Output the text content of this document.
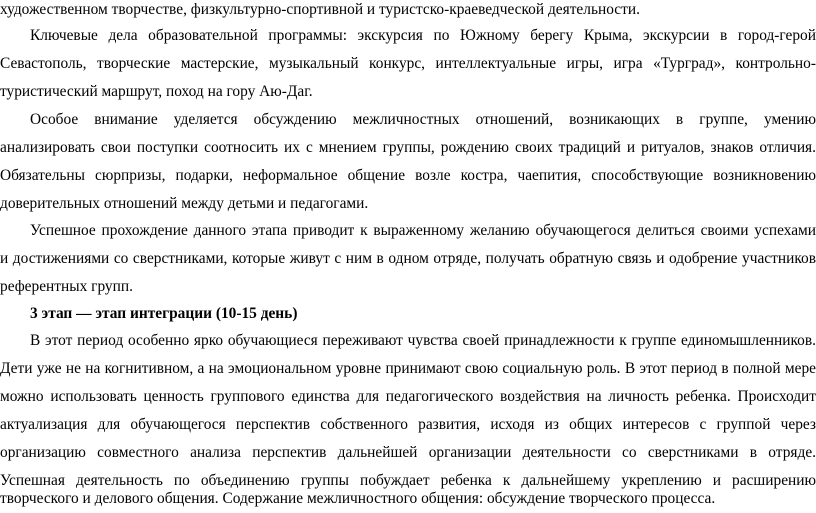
художественном творчестве, физкультурно-спортивной и туристско-краеведческой деятельности.
Ключевые дела образовательной программы: экскурсия по Южному берегу Крыма, экскурсии в город-герой
Севастополь, творческие мастерские, музыкальный конкурс, интеллектуальные игры, игра «Турград», контрольно-
туристический маршрут, поход на гору Аю-Даг.
Особое внимание уделяется обсуждению межличностных отношений, возникающих в группе, умению
анализировать свои поступки соотносить их с мнением группы, рождению своих традиций и ритуалов, знаков отличия.
Обязательны сюрпризы, подарки, неформальное общение возле костра, чаепития, способствующие возникновению
доверительных отношений между детьми и педагогами.
Успешное прохождение данного этапа приводит к выраженному желанию обучающегося делиться своими успехами
и достижениями со сверстниками, которые живут с ним в одном отряде, получать обратную связь и одобрение участников
референтных групп.
3 этап — этап интеграции (10-15 день)
В этот период особенно ярко обучающиеся переживают чувства своей принадлежности к группе единомышленников.
Дети уже не на когнитивном, а на эмоциональном уровне принимают свою социальную роль. В этот период в полной мере
можно использовать ценность группового единства для педагогического воздействия на личность ребенка. Происходит
актуализация для обучающегося перспектив собственного развития, исходя из общих интересов с группой через
организацию совместного анализа перспектив дальнейшей организации деятельности со сверстниками в отряде.
Успешная деятельность по объединению группы побуждает ребенка к дальнейшему укреплению и расширению
творческого и делового общения. Содержание межличностного общения: обсуждение творческого процесса.
